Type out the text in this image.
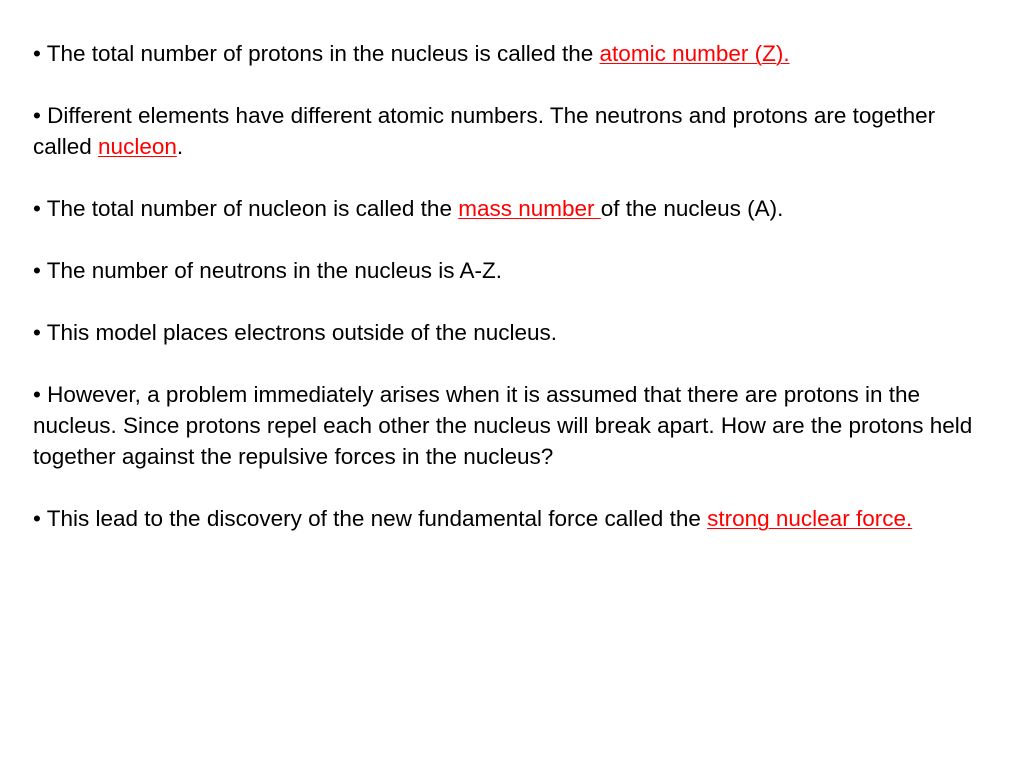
• The total number of protons in the nucleus is called the atomic number (Z).

• Different elements have different atomic numbers. The neutrons and protons are together called nucleon.

• The total number of nucleon is called the mass number of the nucleus (A).

• The number of neutrons in the nucleus is A-Z.

• This model places electrons outside of the nucleus.

• However, a problem immediately arises when it is assumed that there are protons in the nucleus. Since protons repel each other the nucleus will break apart. How are the protons held together against the repulsive forces in the nucleus?

• This lead to the discovery of the new fundamental force called the strong nuclear force.
